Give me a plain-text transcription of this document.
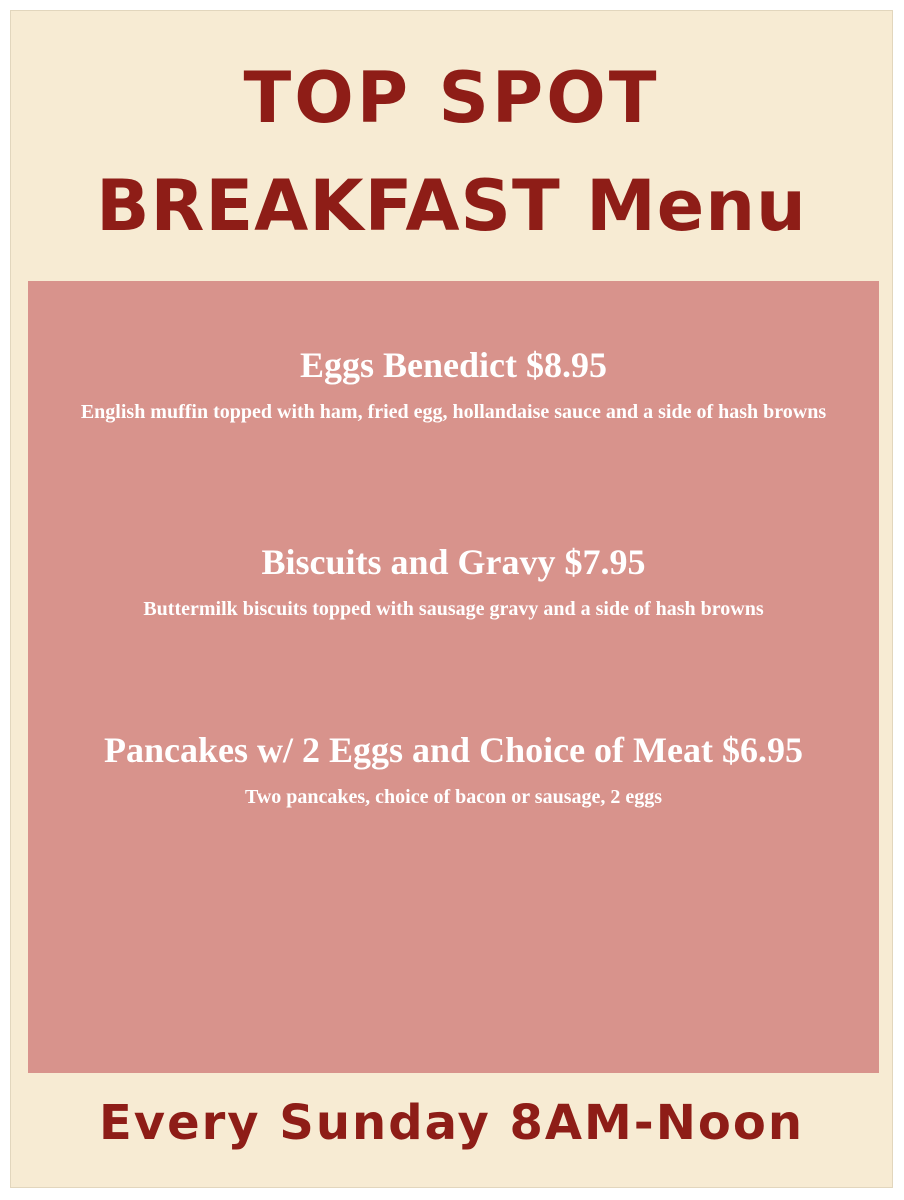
TOP SPOT
BREAKFAST Menu
Eggs Benedict $8.95
English muffin topped with ham, fried egg, hollandaise sauce and a side of hash browns
Biscuits and Gravy $7.95
Buttermilk biscuits topped with sausage gravy and a side of hash browns
Pancakes w/ 2 Eggs and Choice of Meat $6.95
Two pancakes, choice of bacon or sausage, 2 eggs
Every Sunday 8AM-Noon
